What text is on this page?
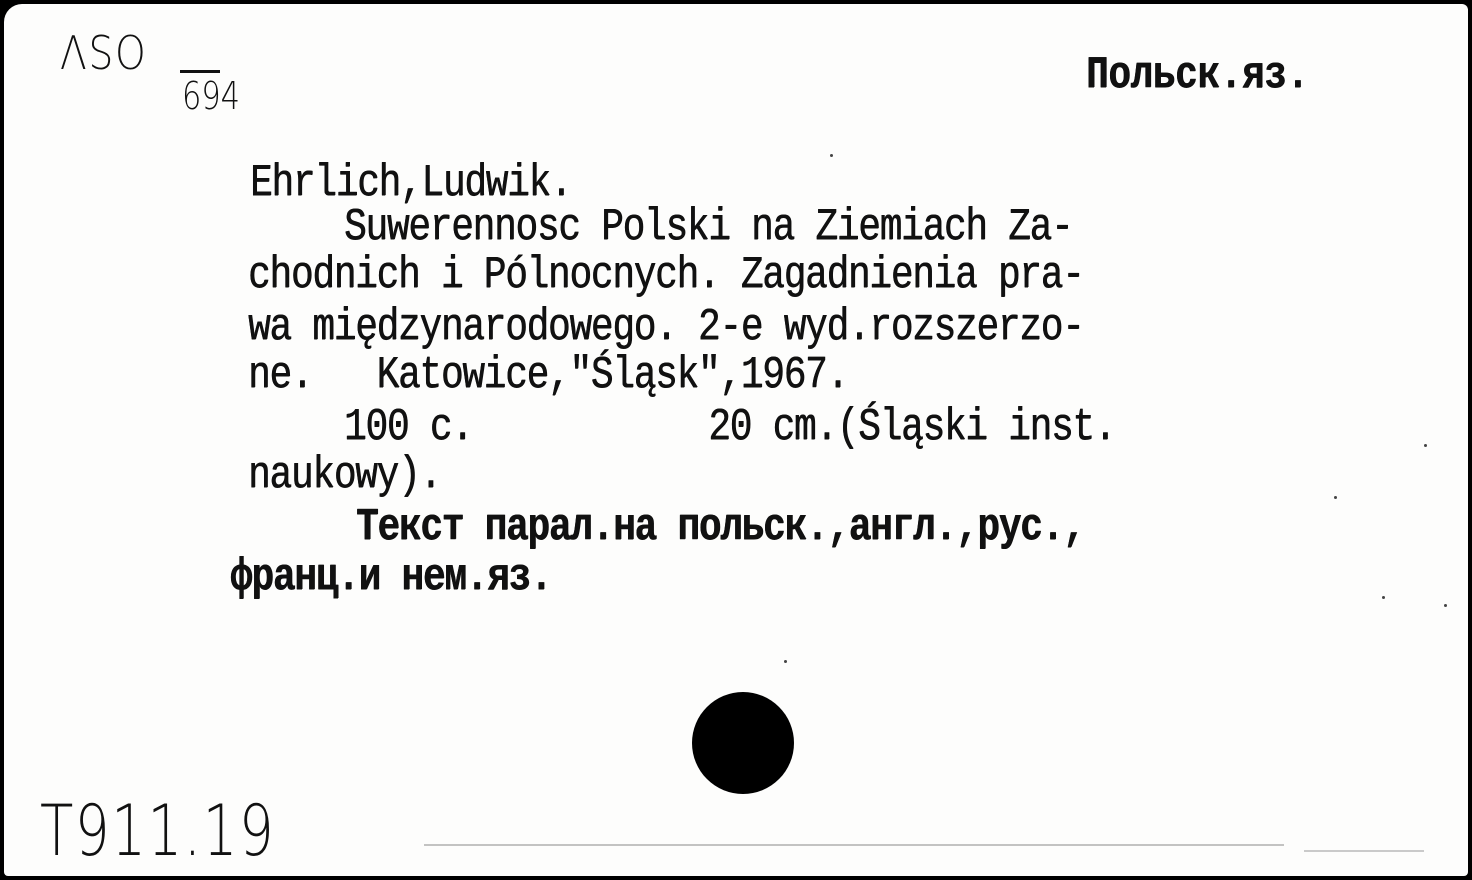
ΛSO
694	Польск.яз.
Ehrlich,Ludwik.
Suwerennosc Polski na Ziemiach Za-
chodnich i Pólnocnych. Zagadnienia pra-
wa międzynarodowego. 2-e wyd.rozszerzo-
ne.   Katowice,"Śląsk",1967.
100 c.           20 cm.(Śląski inst.
naukowy).
Текст парал.на польск.,англ.,рус.,
франц.и нем.яз.
T911.19
